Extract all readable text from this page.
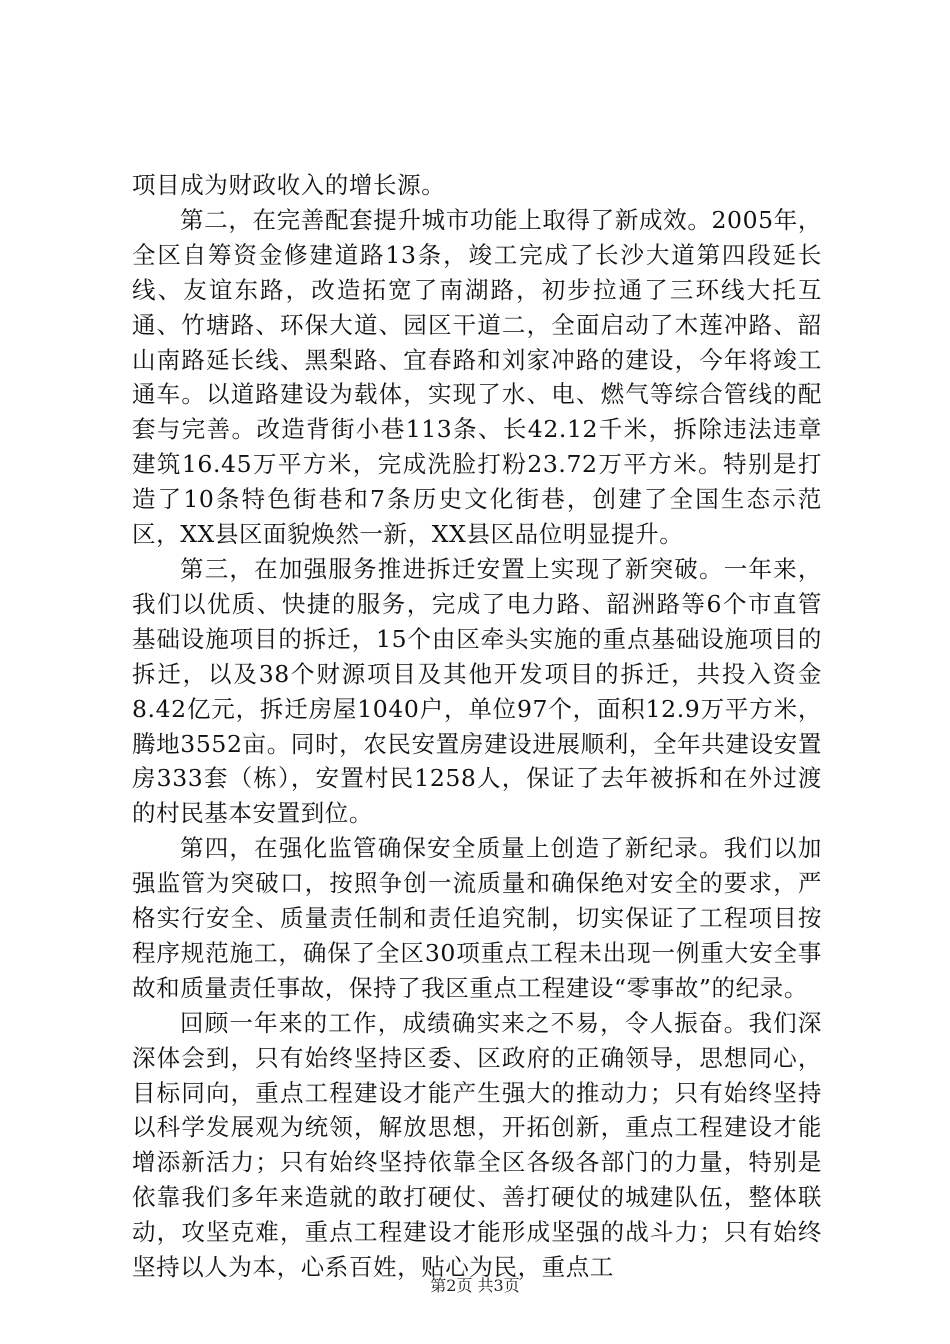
项目成为财政收入的增长源。

第二，在完善配套提升城市功能上取得了新成效。2005年，全区自筹资金修建道路13条，竣工完成了长沙大道第四段延长线、友谊东路，改造拓宽了南湖路，初步拉通了三环线大托互通、竹塘路、环保大道、园区干道二，全面启动了木莲冲路、韶山南路延长线、黑梨路、宜春路和刘家冲路的建设，今年将竣工通车。以道路建设为载体，实现了水、电、燃气等综合管线的配套与完善。改造背街小巷113条、长42.12千米，拆除违法违章建筑16.45万平方米，完成洗脸打粉23.72万平方米。特别是打造了10条特色街巷和7条历史文化街巷，创建了全国生态示范区，XX县区面貌焕然一新，XX县区品位明显提升。

第三，在加强服务推进拆迁安置上实现了新突破。一年来，我们以优质、快捷的服务，完成了电力路、韶洲路等6个市直管基础设施项目的拆迁，15个由区牵头实施的重点基础设施项目的拆迁，以及38个财源项目及其他开发项目的拆迁，共投入资金8.42亿元，拆迁房屋1040户，单位97个，面积12.9万平方米，腾地3552亩。同时，农民安置房建设进展顺利，全年共建设安置房333套（栋），安置村民1258人，保证了去年被拆和在外过渡的村民基本安置到位。

第四，在强化监管确保安全质量上创造了新纪录。我们以加强监管为突破口，按照争创一流质量和确保绝对安全的要求，严格实行安全、质量责任制和责任追究制，切实保证了工程项目按程序规范施工，确保了全区30项重点工程未出现一例重大安全事故和质量责任事故，保持了我区重点工程建设“零事故”的纪录。

回顾一年来的工作，成绩确实来之不易，令人振奋。我们深深体会到，只有始终坚持区委、区政府的正确领导，思想同心，目标同向，重点工程建设才能产生强大的推动力；只有始终坚持以科学发展观为统领，解放思想，开拓创新，重点工程建设才能增添新活力；只有始终坚持依靠全区各级各部门的力量，特别是依靠我们多年来造就的敢打硬仗、善打硬仗的城建队伍，整体联动，攻坚克难，重点工程建设才能形成坚强的战斗力；只有始终坚持以人为本，心系百姓，贴心为民，重点工

第2页 共3页
